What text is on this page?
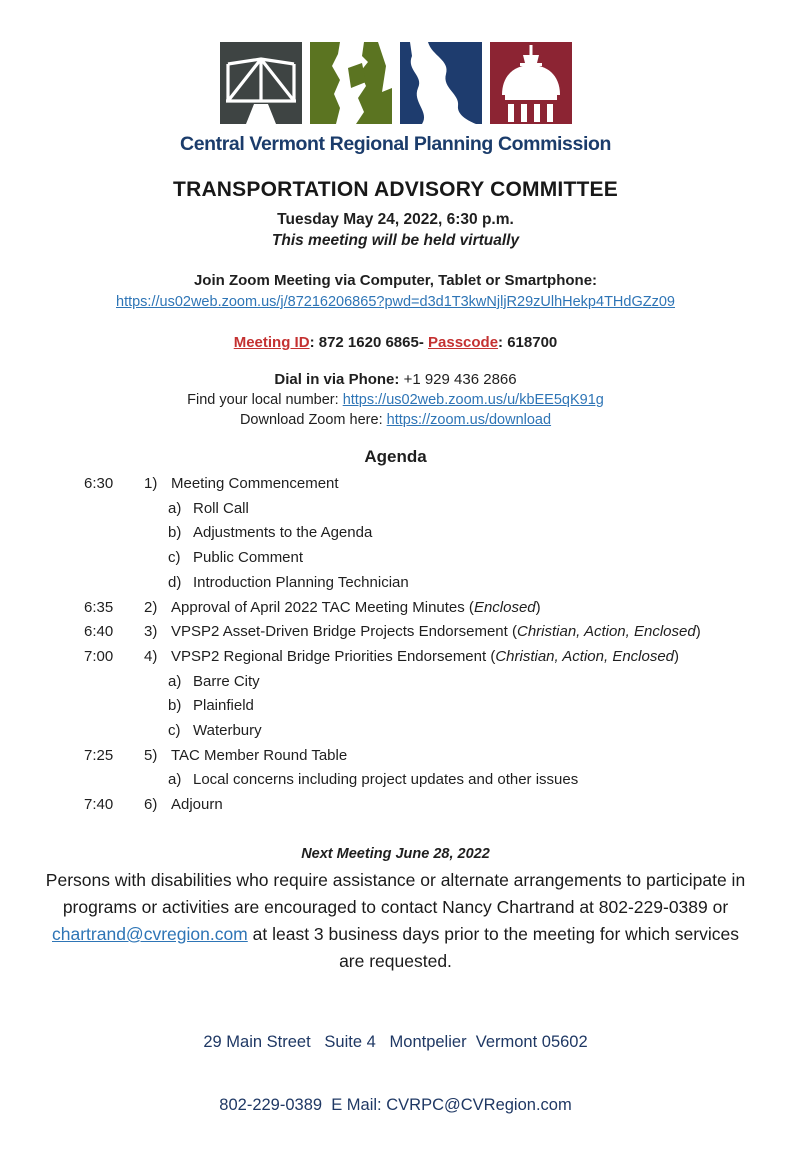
Central Vermont Regional Planning Commission
TRANSPORTATION ADVISORY COMMITTEE
Tuesday May 24, 2022, 6:30 p.m.
This meeting will be held virtually
Join Zoom Meeting via Computer, Tablet or Smartphone:
https://us02web.zoom.us/j/87216206865?pwd=d3d1T3kwNjljR29zUlhHekp4THdGZz09
Meeting ID: 872 1620 6865- Passcode: 618700
Dial in via Phone: +1 929 436 2866
Find your local number: https://us02web.zoom.us/u/kbEE5qK91g
Download Zoom here: https://zoom.us/download
Agenda
6:30	1) Meeting Commencement
a) Roll Call
b) Adjustments to the Agenda
c) Public Comment
d) Introduction Planning Technician
6:35	2) Approval of April 2022 TAC Meeting Minutes (Enclosed)
6:40	3) VPSP2 Asset-Driven Bridge Projects Endorsement (Christian, Action, Enclosed)
7:00	4) VPSP2 Regional Bridge Priorities Endorsement (Christian, Action, Enclosed)
a) Barre City
b) Plainfield
c) Waterbury
7:25	5) TAC Member Round Table
a) Local concerns including project updates and other issues
7:40	6) Adjourn
Next Meeting June 28, 2022

Persons with disabilities who require assistance or alternate arrangements to participate in programs or activities are encouraged to contact Nancy Chartrand at 802-229-0389 or chartrand@cvregion.com at least 3 business days prior to the meeting for which services are requested.

29 Main Street   Suite 4   Montpelier  Vermont 05602

802-229-0389  E Mail: CVRPC@CVRegion.com
